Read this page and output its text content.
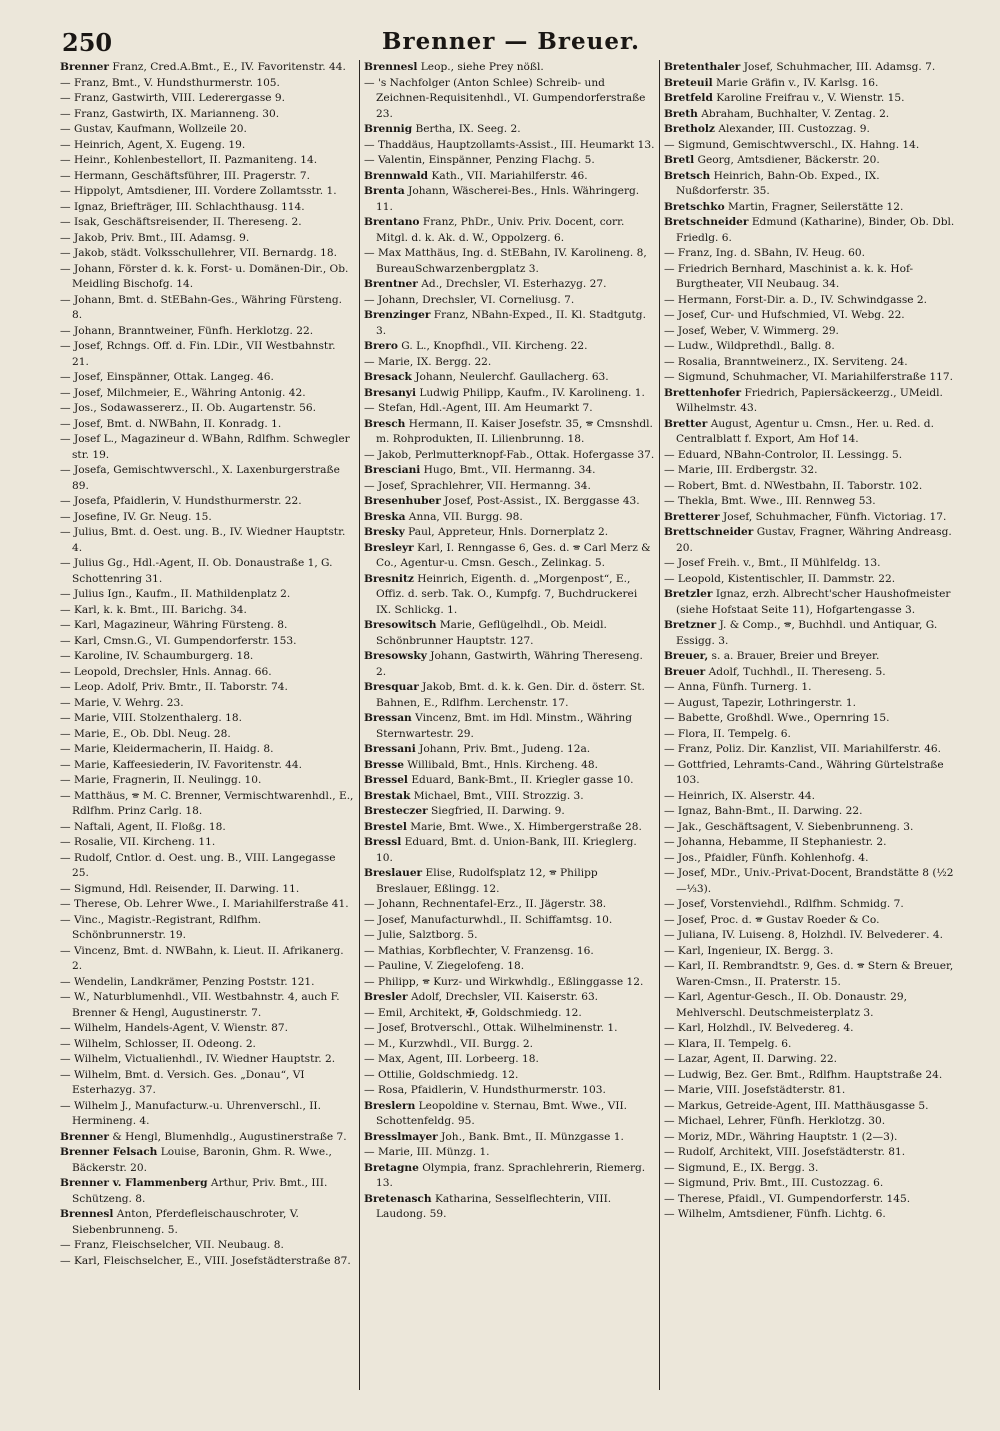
250	Brenner — Breuer.

Brenner Franz, Cred.A.Bmt., E., IV. Favoritenstr. 44.

— Franz, Bmt., V. Hundsthurmerstr. 105.

— Franz, Gastwirth, VIII. Lederergasse 9.

— Franz, Gastwirth, IX. Marianneng. 30.

— Gustav, Kaufmann, Wollzeile 20.

— Heinrich, Agent, X. Eugeng. 19.

— Heinr., Kohlenbestellort, II. Pazmaniteng. 14.

— Hermann, Geschäftsführer, III. Pragerstr. 7.

— Hippolyt, Amtsdiener, III. Vordere Zollamtsstr. 1.

— Ignaz, Briefträger, III. Schlachthausg. 114.

— Isak, Geschäftsreisender, II. Thereseng. 2.

— Jakob, Priv. Bmt., III. Adamsg. 9.

— Jakob, städt. Volksschullehrer, VII. Bernardg. 18.

— Johann, Förster d. k. k. Forst- u. Domänen-Dir., Ob. Meidling Bischofg. 14.

— Johann, Bmt. d. StEBahn-Ges., Währing Fürsteng. 8.

— Johann, Branntweiner, Fünfh. Herklotzg. 22.

— Josef, Rchngs. Off. d. Fin. LDir., VII Westbahnstr. 21.

— Josef, Einspänner, Ottak. Langeg. 46.

— Josef, Milchmeier, E., Währing Antonig. 42.

— Jos., Sodawassererz., II. Ob. Augartenstr. 56.

— Josef, Bmt. d. NWBahn, II. Konradg. 1.

— Josef L., Magazineur d. WBahn, Rdlfhm. Schwegler str. 19.

— Josefa, Gemischtwverschl., X. Laxenburgerstraße 89.

— Josefa, Pfaidlerin, V. Hundsthurmerstr. 22.

— Josefine, IV. Gr. Neug. 15.

— Julius, Bmt. d. Oest. ung. B., IV. Wiedner Hauptstr. 4.

— Julius Gg., Hdl.-Agent, II. Ob. Donaustraße 1, G. Schottenring 31.

— Julius Ign., Kaufm., II. Mathildenplatz 2.

— Karl, k. k. Bmt., III. Barichg. 34.

— Karl, Magazineur, Währing Fürsteng. 8.

— Karl, Cmsn.G., VI. Gumpendorferstr. 153.

— Karoline, IV. Schaumburgerg. 18.

— Leopold, Drechsler, Hnls. Annag. 66.

— Leop. Adolf, Priv. Bmtr., II. Taborstr. 74.

— Marie, V. Wehrg. 23.

— Marie, VIII. Stolzenthalerg. 18.

— Marie, E., Ob. Dbl. Neug. 28.

— Marie, Kleidermacherin, II. Haidg. 8.

— Marie, Kaffeesiederin, IV. Favoritenstr. 44.

— Marie, Fragnerin, II. Neulingg. 10.

— Matthäus, 🕿 M. C. Brenner, Vermischtwarenhdl., E., Rdlfhm. Prinz Carlg. 18.

— Naftali, Agent, II. Floßg. 18.

— Rosalie, VII. Kircheng. 11.

— Rudolf, Cntlor. d. Oest. ung. B., VIII. Langegasse 25.

— Sigmund, Hdl. Reisender, II. Darwing. 11.

— Therese, Ob. Lehrer Wwe., I. Mariahilferstraße 41.

— Vinc., Magistr.-Registrant, Rdlfhm. Schönbrunnerstr. 19.

— Vincenz, Bmt. d. NWBahn, k. Lieut. II. Afrikanerg. 2.

— Wendelin, Landkrämer, Penzing Poststr. 121.

— W., Naturblumenhdl., VII. Westbahnstr. 4, auch F. Brenner & Hengl, Augustinerstr. 7.

— Wilhelm, Handels-Agent, V. Wienstr. 87.

— Wilhelm, Schlosser, II. Odeong. 2.

— Wilhelm, Victualienhdl., IV. Wiedner Hauptstr. 2.

— Wilhelm, Bmt. d. Versich. Ges. „Donau“, VI Esterhazyg. 37.

— Wilhelm J., Manufacturw.-u. Uhrenverschl., II. Hermineng. 4.

Brenner & Hengl, Blumenhdlg., Augustinerstraße 7.

Brenner Felsach Louise, Baronin, Ghm. R. Wwe., Bäckerstr. 20.

Brenner v. Flammenberg Arthur, Priv. Bmt., III. Schützeng. 8.

Brennesl Anton, Pferdefleischauschroter, V. Siebenbrunneng. 5.

— Franz, Fleischselcher, VII. Neubaug. 8.

— Karl, Fleischselcher, E., VIII. Josefstädterstraße 87.

Brennesl Leop., siehe Prey nößl.

— 's Nachfolger (Anton Schlee) Schreib- und Zeichnen-Requisitenhdl., VI. Gumpendorferstraße 23.

Brennig Bertha, IX. Seeg. 2.

— Thaddäus, Hauptzollamts-Assist., III. Heumarkt 13.

— Valentin, Einspänner, Penzing Flachg. 5.

Brennwald Kath., VII. Mariahilferstr. 46.

Brenta Johann, Wäscherei-Bes., Hnls. Währingerg. 11.

Brentano Franz, PhDr., Univ. Priv. Docent, corr. Mitgl. d. k. Ak. d. W., Oppolzerg. 6.

— Max Matthäus, Ing. d. StEBahn, IV. Karolineng. 8, BureauSchwarzenbergplatz 3.

Brentner Ad., Drechsler, VI. Esterhazyg. 27.

— Johann, Drechsler, VI. Corneliusg. 7.

Brenzinger Franz, NBahn-Exped., II. Kl. Stadtgutg. 3.

Brero G. L., Knopfhdl., VII. Kircheng. 22.

— Marie, IX. Bergg. 22.

Bresack Johann, Neulerchf. Gaullacherg. 63.

Bresanyi Ludwig Philipp, Kaufm., IV. Karolineng. 1.

— Stefan, Hdl.-Agent, III. Am Heumarkt 7.

Bresch Hermann, II. Kaiser Josefstr. 35, 🕿 Cmsnshdl. m. Rohprodukten, II. Lilienbrunng. 18.

— Jakob, Perlmutterknopf-Fab., Ottak. Hofergasse 37.

Bresciani Hugo, Bmt., VII. Hermanng. 34.

— Josef, Sprachlehrer, VII. Hermanng. 34.

Bresenhuber Josef, Post-Assist., IX. Berggasse 43.

Breska Anna, VII. Burgg. 98.

Bresky Paul, Appreteur, Hnls. Dornerplatz 2.

Bresleyr Karl, I. Renngasse 6, Ges. d. 🕿 Carl Merz & Co., Agentur-u. Cmsn. Gesch., Zelinkag. 5.

Bresnitz Heinrich, Eigenth. d. „Morgenpost“, E., Offiz. d. serb. Tak. O., Kumpfg. 7, Buchdruckerei IX. Schlickg. 1.

Bresowitsch Marie, Geflügelhdl., Ob. Meidl. Schönbrunner Hauptstr. 127.

Bresowsky Johann, Gastwirth, Währing Thereseng. 2.

Bresquar Jakob, Bmt. d. k. k. Gen. Dir. d. österr. St. Bahnen, E., Rdlfhm. Lerchenstr. 17.

Bressan Vincenz, Bmt. im Hdl. Minstm., Währing Sternwartestr. 29.

Bressani Johann, Priv. Bmt., Judeng. 12a.

Bresse Willibald, Bmt., Hnls. Kircheng. 48.

Bressel Eduard, Bank-Bmt., II. Kriegler gasse 10.

Brestak Michael, Bmt., VIII. Strozzig. 3.

Bresteczer Siegfried, II. Darwing. 9.

Brestel Marie, Bmt. Wwe., X. Himbergerstraße 28.

Bressl Eduard, Bmt. d. Union-Bank, III. Krieglerg. 10.

Breslauer Elise, Rudolfsplatz 12, 🕿 Philipp Breslauer, Eßlingg. 12.

— Johann, Rechnentafel-Erz., II. Jägerstr. 38.

— Josef, Manufacturwhdl., II. Schiffamtsg. 10.

— Julie, Salztborg. 5.

— Mathias, Korbflechter, V. Franzensg. 16.

— Pauline, V. Ziegelofeng. 18.

— Philipp, 🕿 Kurz- und Wirkwhdlg., Eßlinggasse 12.

Bresler Adolf, Drechsler, VII. Kaiserstr. 63.

— Emil, Architekt, ✠, Goldschmiedg. 12.

— Josef, Brotverschl., Ottak. Wilhelminenstr. 1.

— M., Kurzwhdl., VII. Burgg. 2.

— Max, Agent, III. Lorbeerg. 18.

— Ottilie, Goldschmiedg. 12.

— Rosa, Pfaidlerin, V. Hundsthurmerstr. 103.

Breslern Leopoldine v. Sternau, Bmt. Wwe., VII. Schottenfeldg. 95.

Bresslmayer Joh., Bank. Bmt., II. Münzgasse 1.

— Marie, III. Münzg. 1.

Bretagne Olympia, franz. Sprachlehrerin, Riemerg. 13.

Bretenasch Katharina, Sesselflechterin, VIII. Laudong. 59.

Bretenthaler Josef, Schuhmacher, III. Adamsg. 7.

Breteuil Marie Gräfin v., IV. Karlsg. 16.

Bretfeld Karoline Freifrau v., V. Wienstr. 15.

Breth Abraham, Buchhalter, V. Zentag. 2.

Bretholz Alexander, III. Custozzag. 9.

— Sigmund, Gemischtwverschl., IX. Hahng. 14.

Bretl Georg, Amtsdiener, Bäckerstr. 20.

Bretsch Heinrich, Bahn-Ob. Exped., IX. Nußdorferstr. 35.

Bretschko Martin, Fragner, Seilerstätte 12.

Bretschneider Edmund (Katharine), Binder, Ob. Dbl. Friedlg. 6.

— Franz, Ing. d. SBahn, IV. Heug. 60.

— Friedrich Bernhard, Maschinist a. k. k. Hof-Burgtheater, VII Neubaug. 34.

— Hermann, Forst-Dir. a. D., IV. Schwindgasse 2.

— Josef, Cur- und Hufschmied, VI. Webg. 22.

— Josef, Weber, V. Wimmerg. 29.

— Ludw., Wildprethdl., Ballg. 8.

— Rosalia, Branntweinerz., IX. Serviteng. 24.

— Sigmund, Schuhmacher, VI. Mariahilferstraße 117.

Brettenhofer Friedrich, Papiersäckeerzg., UMeidl. Wilhelmstr. 43.

Bretter August, Agentur u. Cmsn., Her. u. Red. d. Centralblatt f. Export, Am Hof 14.

— Eduard, NBahn-Controlor, II. Lessingg. 5.

— Marie, III. Erdbergstr. 32.

— Robert, Bmt. d. NWestbahn, II. Taborstr. 102.

— Thekla, Bmt. Wwe., III. Rennweg 53.

Bretterer Josef, Schuhmacher, Fünfh. Victoriag. 17.

Brettschneider Gustav, Fragner, Währing Andreasg. 20.

— Josef Freih. v., Bmt., II Mühlfeldg. 13.

— Leopold, Kistentischler, II. Dammstr. 22.

Bretzler Ignaz, erzh. Albrecht'scher Haushofmeister (siehe Hofstaat Seite 11), Hofgartengasse 3.

Bretzner J. & Comp., 🕿, Buchhdl. und Antiquar, G. Essigg. 3.

Breuer, s. a. Brauer, Breier und Breyer.

Breuer Adolf, Tuchhdl., II. Thereseng. 5.

— Anna, Fünfh. Turnerg. 1.

— August, Tapezir, Lothringerstr. 1.

— Babette, Großhdl. Wwe., Opernring 15.

— Flora, II. Tempelg. 6.

— Franz, Poliz. Dir. Kanzlist, VII. Mariahilferstr. 46.

— Gottfried, Lehramts-Cand., Währing Gürtelstraße 103.

— Heinrich, IX. Alserstr. 44.

— Ignaz, Bahn-Bmt., II. Darwing. 22.

— Jak., Geschäftsagent, V. Siebenbrunneng. 3.

— Johanna, Hebamme, II Stephaniestr. 2.

— Jos., Pfaidler, Fünfh. Kohlenhofg. 4.

— Josef, MDr., Univ.-Privat-Docent, Brandstätte 8 (½2—⅓3).

— Josef, Vorstenviehdl., Rdlfhm. Schmidg. 7.

— Josef, Proc. d. 🕿 Gustav Roeder & Co.

— Juliana, IV. Luiseng. 8, Holzhdl. IV. Belvederег. 4.

— Karl, Ingenieur, IX. Bergg. 3.

— Karl, II. Rembrandtstr. 9, Ges. d. 🕿 Stern & Breuer, Waren-Cmsn., II. Praterstr. 15.

— Karl, Agentur-Gesch., II. Ob. Donaustr. 29, Mehlverschl. Deutschmeisterplatz 3.

— Karl, Holzhdl., IV. Belvedereg. 4.

— Klara, II. Tempelg. 6.

— Lazar, Agent, II. Darwing. 22.

— Ludwig, Bez. Ger. Bmt., Rdlfhm. Hauptstraße 24.

— Marie, VIII. Josefstädterstr. 81.

— Markus, Getreide-Agent, III. Matthäusgasse 5.

— Michael, Lehrer, Fünfh. Herklotzg. 30.

— Moriz, MDr., Währing Hauptstr. 1 (2—3).

— Rudolf, Architekt, VIII. Josefstädterstr. 81.

— Sigmund, E., IX. Bergg. 3.

— Sigmund, Priv. Bmt., III. Custozzag. 6.

— Therese, Pfaidl., VI. Gumpendorferstr. 145.

— Wilhelm, Amtsdiener, Fünfh. Lichtg. 6.
